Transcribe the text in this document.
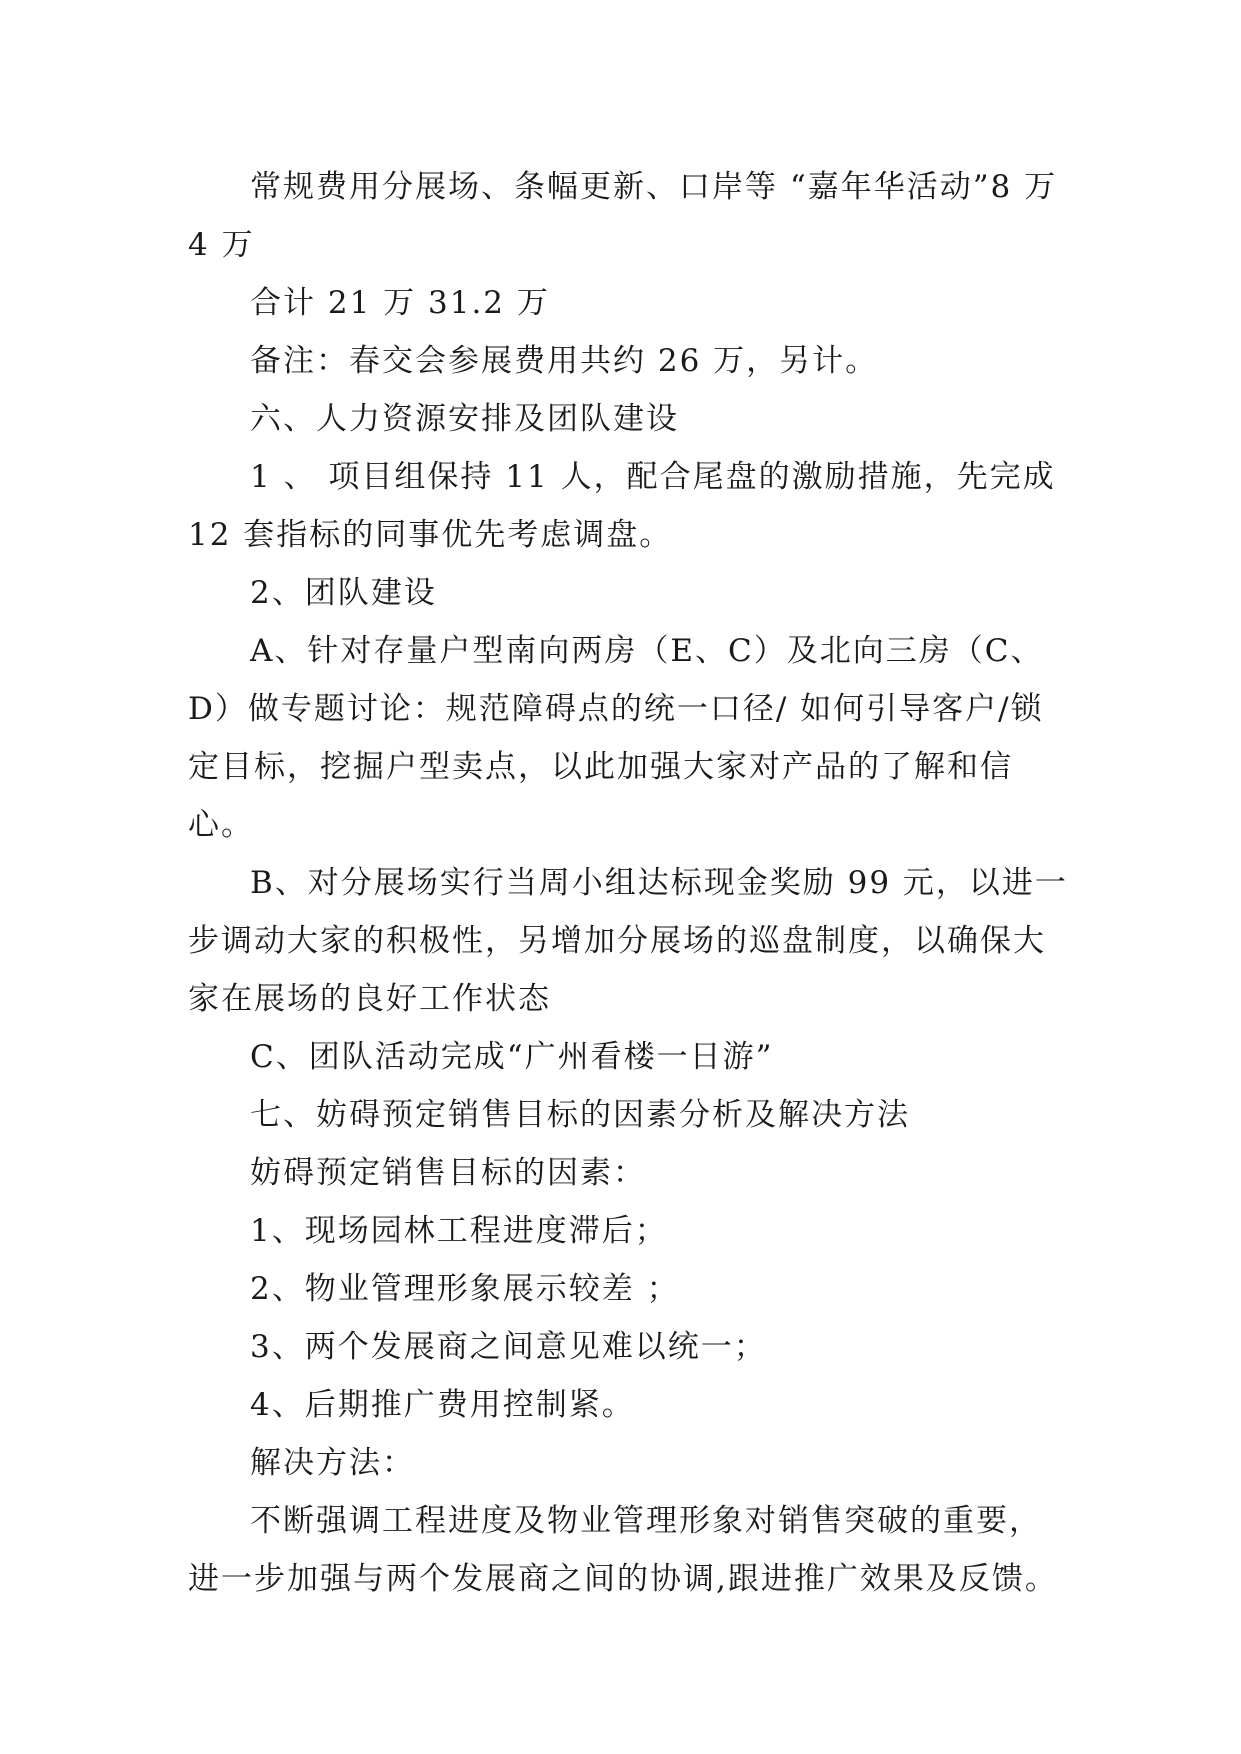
常规费用分展场、条幅更新、口岸等 “嘉年华活动”8 万 4 万

合计 21 万 31.2 万

备注：春交会参展费用共约 26 万，另计。

六、人力资源安排及团队建设

1 、 项目组保持 11 人，配合尾盘的激励措施，先完成 12 套指标的同事优先考虑调盘。

2、团队建设

A、针对存量户型南向两房（E、C）及北向三房（C、D）做专题讨论：规范障碍点的统一口径/ 如何引导客户/锁定目标，挖掘户型卖点，以此加强大家对产品的了解和信心。

B、对分展场实行当周小组达标现金奖励 99 元，以进一步调动大家的积极性，另增加分展场的巡盘制度，以确保大家在展场的良好工作状态

C、团队活动完成“广州看楼一日游”

七、妨碍预定销售目标的因素分析及解决方法

妨碍预定销售目标的因素：

1、现场园林工程进度滞后；

2、物业管理形象展示较差 ；

3、两个发展商之间意见难以统一；

4、后期推广费用控制紧。

解决方法：

不断强调工程进度及物业管理形象对销售突破的重要，进一步加强与两个发展商之间的协调,跟进推广效果及反馈。
